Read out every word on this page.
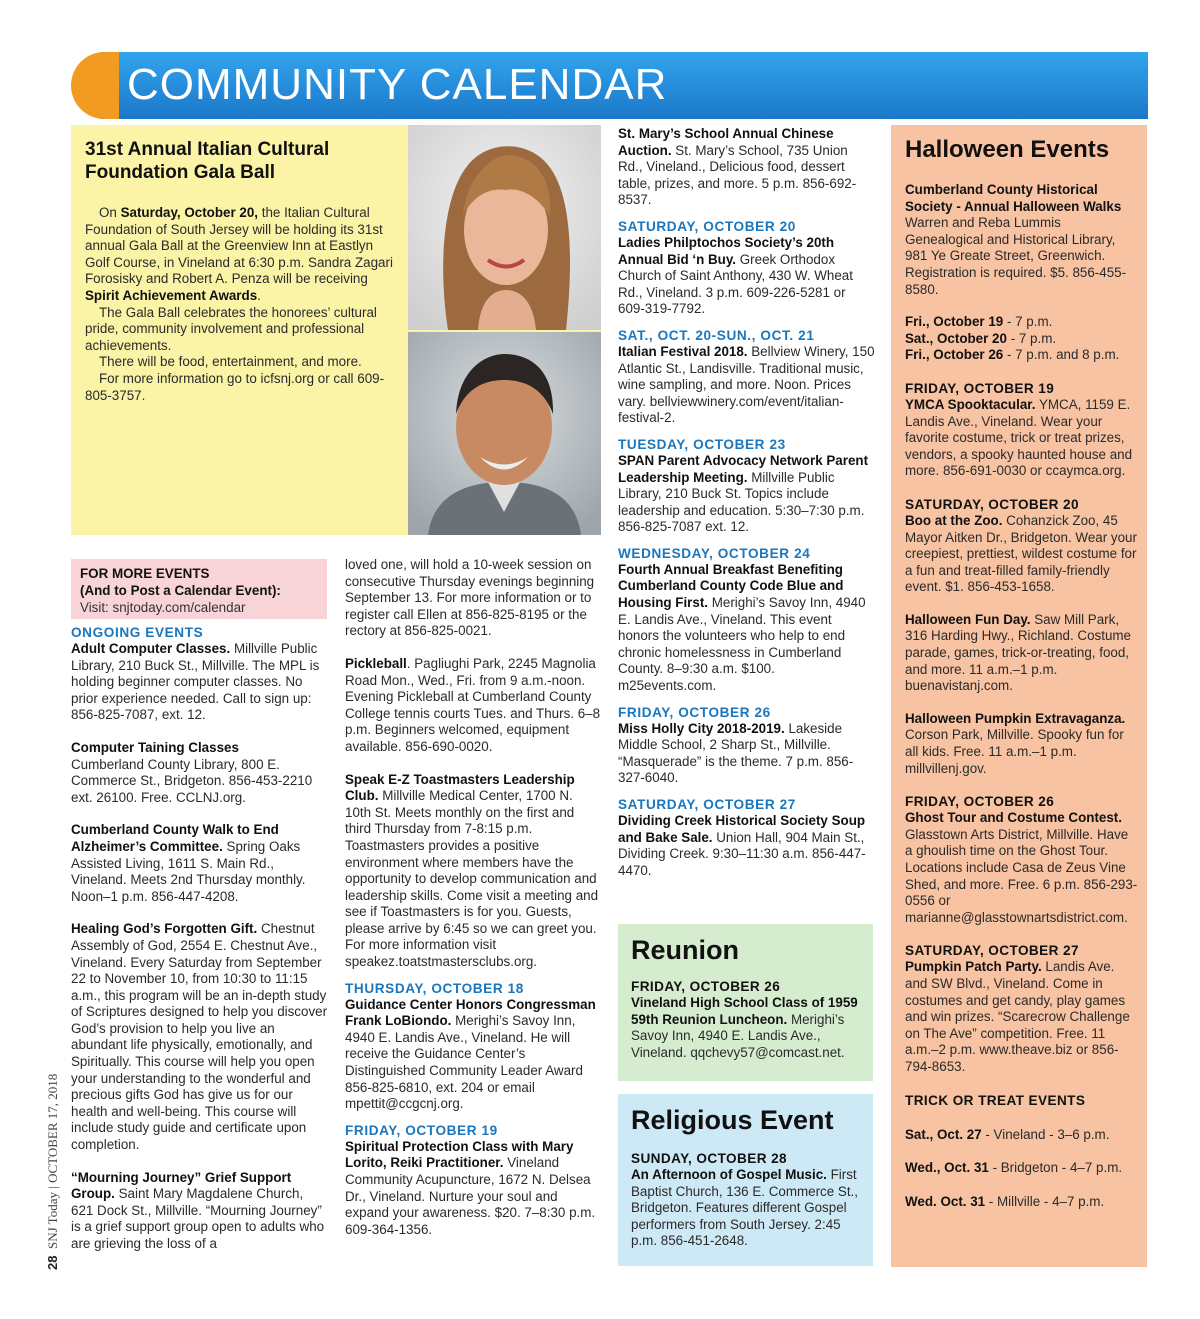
COMMUNITY CALENDAR
31st Annual Italian Cultural
Foundation Gala Ball

On Saturday, October 20, the Italian Cultural Foundation of South Jersey will be holding its 31st annual Gala Ball at the Greenview Inn at Eastlyn Golf Course, in Vineland at 6:30 p.m. Sandra Zagari Forosisky and Robert A. Penza will be receiving Spirit Achievement Awards.

The Gala Ball celebrates the honorees’ cultural pride, community involvement and professional achievements.

There will be food, entertainment, and more.

For more information go to icfsnj.org or call 609-805-3757.

FOR MORE EVENTS
(And to Post a Calendar Event):
Visit: snjtoday.com/calendar
ONGOING EVENTS

Adult Computer Classes. Millville Public Library, 210 Buck St., Millville. The MPL is holding beginner computer classes. No prior experience needed. Call to sign up: 856-825-7087, ext. 12.

Computer Taining Classes
Cumberland County Library, 800 E. Commerce St., Bridgeton. 856-453-2210 ext. 26100. Free. CCLNJ.org.

Cumberland County Walk to End Alzheimer’s Committee. Spring Oaks Assisted Living, 1611 S. Main Rd., Vineland. Meets 2nd Thursday monthly. Noon–1 p.m. 856-447-4208.

Healing God’s Forgotten Gift. Chestnut Assembly of God, 2554 E. Chestnut Ave., Vineland. Every Saturday from September 22 to November 10, from 10:30 to 11:15 a.m., this program will be an in-depth study of Scriptures designed to help you discover God’s provision to help you live an abundant life physically, emotionally, and Spiritually. This course will help you open your understanding to the wonderful and precious gifts God has give us for our health and well-being. This course will include study guide and certificate upon completion.

“Mourning Journey” Grief Support Group. Saint Mary Magdalene Church, 621 Dock St., Millville. “Mourning Journey” is a grief support group open to adults who are grieving the loss of a

28  SNJ Today | OCTOBER 17, 2018

loved one, will hold a 10-week session on consecutive Thursday evenings beginning September 13. For more information or to register call Ellen at 856-825-8195 or the rectory at 856-825-0021.

Pickleball. Pagliughi Park, 2245 Magnolia Road Mon., Wed., Fri. from 9 a.m.-noon. Evening Pickleball at Cumberland County College tennis courts Tues. and Thurs. 6–8 p.m. Beginners welcomed, equipment available. 856-690-0020.

Speak E-Z Toastmasters Leadership Club. Millville Medical Center, 1700 N. 10th St. Meets monthly on the first and third Thursday from 7-8:15 p.m. Toastmasters provides a positive environment where members have the opportunity to develop communication and leadership skills. Come visit a meeting and see if Toastmasters is for you. Guests, please arrive by 6:45 so we can greet you. For more information visit speakez.toatstmastersclubs.org.

THURSDAY, OCTOBER 18

Guidance Center Honors Congressman Frank LoBiondo. Merighi’s Savoy Inn, 4940 E. Landis Ave., Vineland. He will receive the Guidance Center’s Distinguished Community Leader Award 856-825-6810, ext. 204 or email mpettit@ccgcnj.org.

FRIDAY, OCTOBER 19

Spiritual Protection Class with Mary Lorito, Reiki Practitioner. Vineland Community Acupuncture, 1672 N. Delsea Dr., Vineland. Nurture your soul and expand your awareness. $20. 7–8:30 p.m. 609-364-1356.

St. Mary’s School Annual Chinese Auction. St. Mary’s School, 735 Union Rd., Vineland., Delicious food, dessert table, prizes, and more. 5 p.m. 856-692-8537.

SATURDAY, OCTOBER 20

Ladies Philptochos Society’s 20th Annual Bid ‘n Buy. Greek Orthodox Church of Saint Anthony, 430 W. Wheat Rd., Vineland. 3 p.m. 609-226-5281 or 609-319-7792.

SAT., OCT. 20-SUN., OCT. 21

Italian Festival 2018. Bellview Winery, 150 Atlantic St., Landisville. Traditional music, wine sampling, and more. Noon. Prices vary. bellviewwinery.com/event/italian-festival-2.

TUESDAY, OCTOBER 23

SPAN Parent Advocacy Network Parent Leadership Meeting. Millville Public Library, 210 Buck St. Topics include leadership and education. 5:30–7:30 p.m. 856-825-7087 ext. 12.

WEDNESDAY, OCTOBER 24

Fourth Annual Breakfast Benefiting Cumberland County Code Blue and Housing First. Merighi’s Savoy Inn, 4940 E. Landis Ave., Vineland. This event honors the volunteers who help to end chronic homelessness in Cumberland County. 8–9:30 a.m. $100. m25events.com.

FRIDAY, OCTOBER 26

Miss Holly City 2018-2019. Lakeside Middle School, 2 Sharp St., Millville. “Masquerade” is the theme. 7 p.m. 856-327-6040.

SATURDAY, OCTOBER 27

Dividing Creek Historical Society Soup and Bake Sale. Union Hall, 904 Main St., Dividing Creek. 9:30–11:30 a.m. 856-447-4470.

Reunion
FRIDAY, OCTOBER 26

Vineland High School Class of 1959 59th Reunion Luncheon. Merighi’s Savoy Inn, 4940 E. Landis Ave., Vineland. qqchevy57@comcast.net.

Religious Event
SUNDAY, OCTOBER 28

An Afternoon of Gospel Music. First Baptist Church, 136 E. Commerce St., Bridgeton. Features different Gospel performers from South Jersey. 2:45 p.m. 856-451-2648.

Halloween Events

Cumberland County Historical Society - Annual Halloween Walks

Warren and Reba Lummis Genealogical and Historical Library, 981 Ye Greate Street, Greenwich. Registration is required. $5. 856-455-8580.

Fri., October 19 - 7 p.m.

Sat., October 20 - 7 p.m.

Fri., October 26 - 7 p.m. and 8 p.m.

FRIDAY, OCTOBER 19

YMCA Spooktacular. YMCA, 1159 E. Landis Ave., Vineland. Wear your favorite costume, trick or treat prizes, vendors, a spooky haunted house and more. 856-691-0030 or ccaymca.org.

SATURDAY, OCTOBER 20

Boo at the Zoo. Cohanzick Zoo, 45 Mayor Aitken Dr., Bridgeton. Wear your creepiest, prettiest, wildest costume for a fun and treat-filled family-friendly event. $1. 856-453-1658.

Halloween Fun Day. Saw Mill Park, 316 Harding Hwy., Richland. Costume parade, games, trick-or-treating, food, and more. 11 a.m.–1 p.m. buenavistanj.com.

Halloween Pumpkin Extravaganza. Corson Park, Millville. Spooky fun for all kids. Free. 11 a.m.–1 p.m. millvillenj.gov.

FRIDAY, OCTOBER 26

Ghost Tour and Costume Contest. Glasstown Arts District, Millville. Have a ghoulish time on the Ghost Tour. Locations include Casa de Zeus Vine Shed, and more. Free. 6 p.m. 856-293-0556 or marianne@glasstownartsdistrict.com.

SATURDAY, OCTOBER 27

Pumpkin Patch Party. Landis Ave. and SW Blvd., Vineland. Come in costumes and get candy, play games and win prizes. “Scarecrow Challenge on The Ave” competition. Free. 11 a.m.–2 p.m. www.theave.biz or 856-794-8653.

TRICK OR TREAT EVENTS

Sat., Oct. 27 - Vineland - 3–6 p.m.

Wed., Oct. 31 - Bridgeton - 4–7 p.m.

Wed. Oct. 31 - Millville - 4–7 p.m.
